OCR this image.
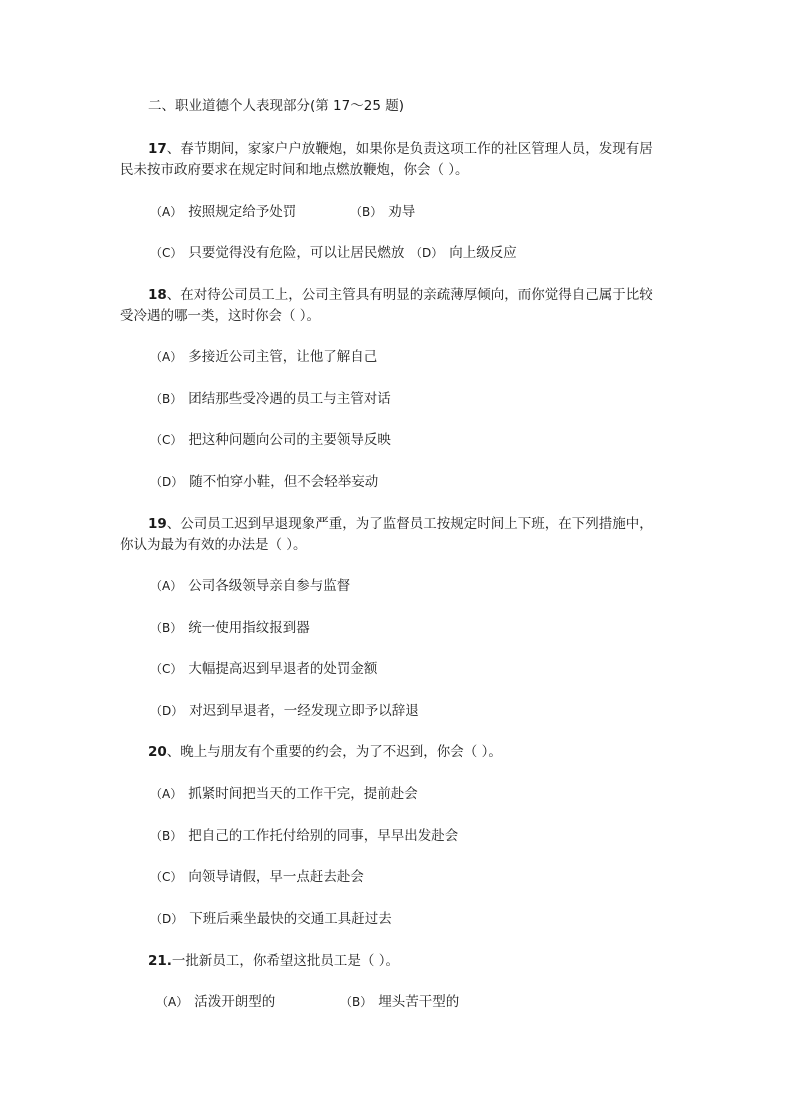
二、职业道德个人表现部分(第 17～25 题)
17、春节期间，家家户户放鞭炮，如果你是负责这项工作的社区管理人员，发现有居
民未按市政府要求在规定时间和地点燃放鞭炮，你会（ ）。
（A） 按照规定给予处罚	（B） 劝导
（C） 只要觉得没有危险，可以让居民燃放 （D） 向上级反应
18、在对待公司员工上，公司主管具有明显的亲疏薄厚倾向，而你觉得自己属于比较
受冷遇的哪一类，这时你会（ ）。
（A） 多接近公司主管，让他了解自己
（B） 团结那些受冷遇的员工与主管对话
（C） 把这种问题向公司的主要领导反映
（D） 随不怕穿小鞋，但不会轻举妄动
19、公司员工迟到早退现象严重，为了监督员工按规定时间上下班，在下列措施中，
你认为最为有效的办法是（ ）。
（A） 公司各级领导亲自参与监督
（B） 统一使用指纹报到器
（C） 大幅提高迟到早退者的处罚金额
（D） 对迟到早退者，一经发现立即予以辞退
20、晚上与朋友有个重要的约会，为了不迟到，你会（ ）。
（A） 抓紧时间把当天的工作干完，提前赴会
（B） 把自己的工作托付给别的同事，早早出发赴会
（C） 向领导请假，早一点赶去赴会
（D） 下班后乘坐最快的交通工具赶过去
21.一批新员工，你希望这批员工是（ ）。
（A） 活泼开朗型的	（B） 埋头苦干型的
